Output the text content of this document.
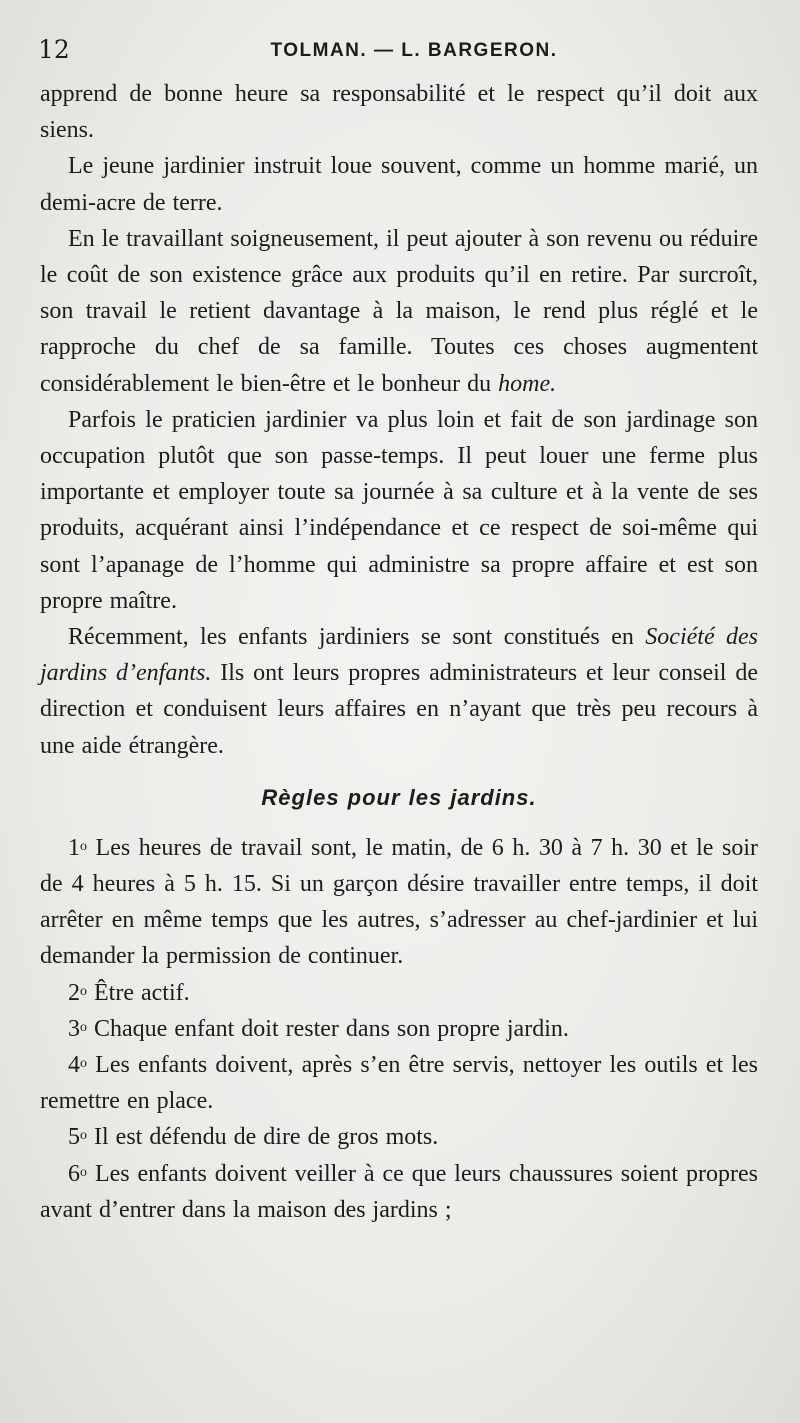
12	TOLMAN. — L. BARGERON.

apprend de bonne heure sa responsabilité et le respect qu’il doit aux siens.

Le jeune jardinier instruit loue souvent, comme un homme marié, un demi-acre de terre.

En le travaillant soigneusement, il peut ajouter à son revenu ou réduire le coût de son existence grâce aux produits qu’il en retire. Par surcroît, son travail le retient davantage à la maison, le rend plus réglé et le rapproche du chef de sa famille. Toutes ces choses augmentent considérablement le bien-être et le bonheur du home.

Parfois le praticien jardinier va plus loin et fait de son jardinage son occupation plutôt que son passe-temps. Il peut louer une ferme plus importante et employer toute sa journée à sa culture et à la vente de ses produits, acquérant ainsi l’indépendance et ce respect de soi-même qui sont l’apanage de l’homme qui administre sa propre affaire et est son propre maître.

Récemment, les enfants jardiniers se sont constitués en Société des jardins d’enfants. Ils ont leurs propres administrateurs et leur conseil de direction et conduisent leurs affaires en n’ayant que très peu recours à une aide étrangère.

Règles pour les jardins.

1$^o$ Les heures de travail sont, le matin, de 6 h. 30 à 7 h. 30 et le soir de 4 heures à 5 h. 15. Si un garçon désire travailler entre temps, il doit arrêter en même temps que les autres, s’adresser au chef-jardinier et lui demander la permission de continuer.

2$^o$ Être actif.

3$^o$ Chaque enfant doit rester dans son propre jardin.

4$^o$ Les enfants doivent, après s’en être servis, nettoyer les outils et les remettre en place.

5$^o$ Il est défendu de dire de gros mots.

6$^o$ Les enfants doivent veiller à ce que leurs chaussures soient propres avant d’entrer dans la maison des jardins ;
